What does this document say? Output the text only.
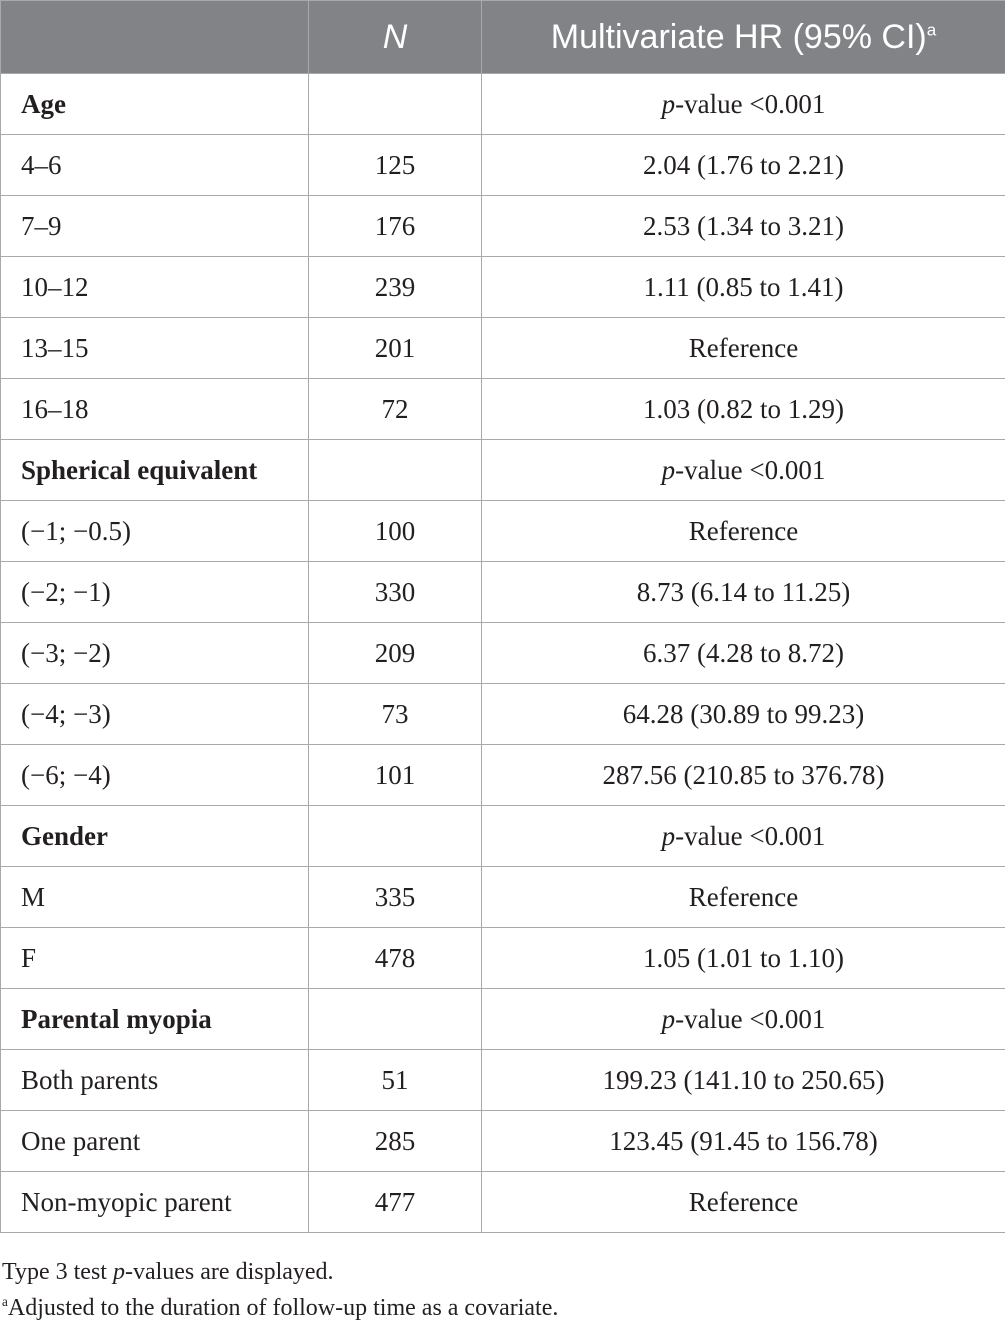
	N	Multivariate HR (95% CI)$^a$
Age		p-value <0.001
4–6	125	2.04 (1.76 to 2.21)
7–9	176	2.53 (1.34 to 3.21)
10–12	239	1.11 (0.85 to 1.41)
13–15	201	Reference
16–18	72	1.03 (0.82 to 1.29)
Spherical equivalent		p-value <0.001
(−1; −0.5)	100	Reference
(−2; −1)	330	8.73 (6.14 to 11.25)
(−3; −2)	209	6.37 (4.28 to 8.72)
(−4; −3)	73	64.28 (30.89 to 99.23)
(−6; −4)	101	287.56 (210.85 to 376.78)
Gender		p-value <0.001
M	335	Reference
F	478	1.05 (1.01 to 1.10)
Parental myopia		p-value <0.001
Both parents	51	199.23 (141.10 to 250.65)
One parent	285	123.45 (91.45 to 156.78)
Non-myopic parent	477	Reference
Type 3 test p-values are displayed.
$^a$Adjusted to the duration of follow-up time as a covariate.
